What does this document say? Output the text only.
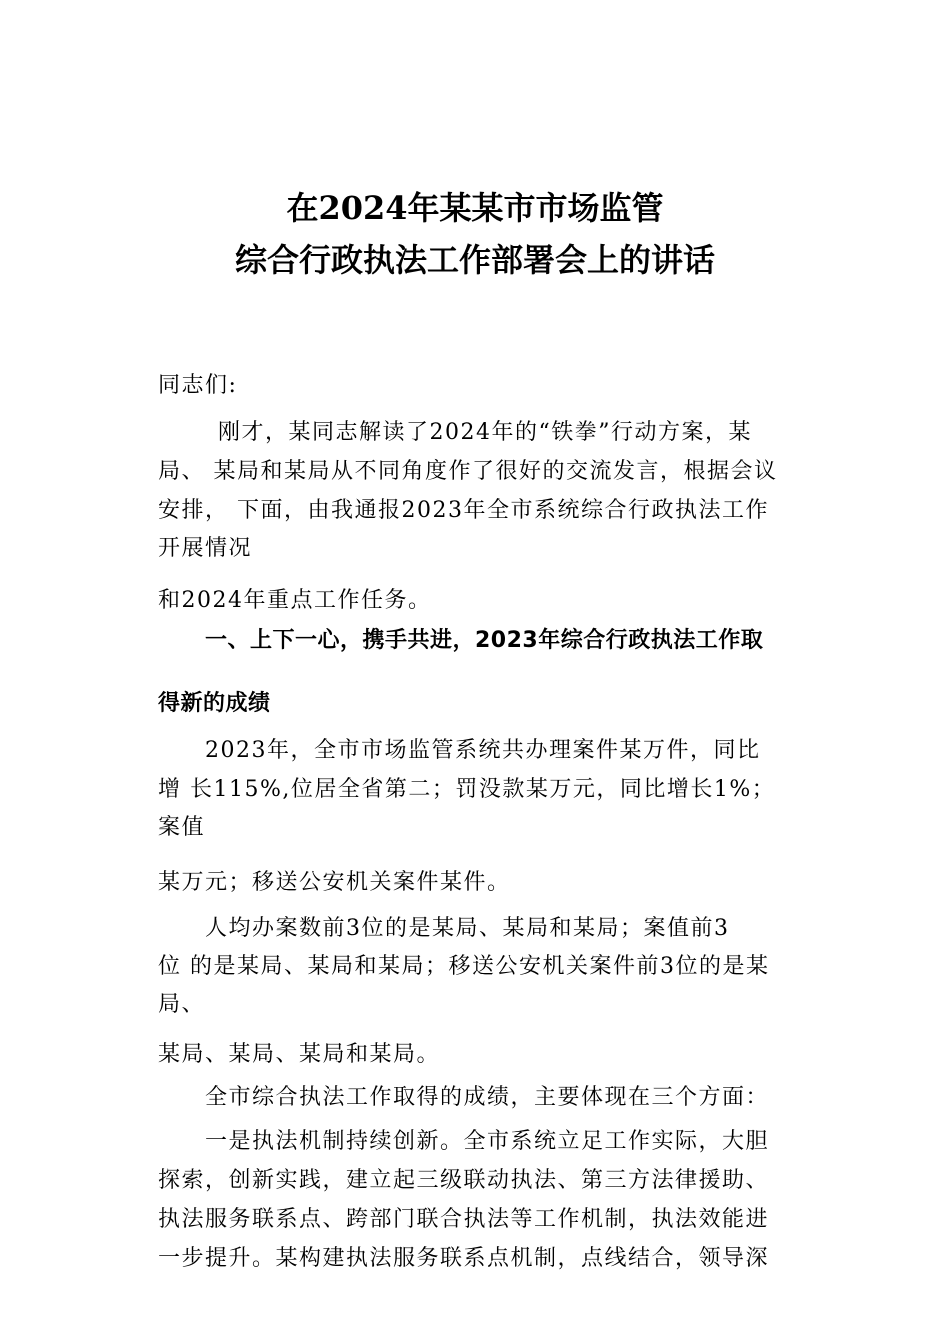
在2024年某某市市场监管
综合行政执法工作部署会上的讲话

同志们:

刚才，某同志解读了2024年的“铁拳”行动方案，某

局、 某局和某局从不同角度作了很好的交流发言，根据会议

安排， 下面，由我通报2023年全市系统综合行政执法工作

开展情况

和2024年重点工作任务。

一、上下一心，携手共进，2023年综合行政执法工作取

得新的成绩

2023年，全市市场监管系统共办理案件某万件，同比

增 长115%,位居全省第二；罚没款某万元，同比增长1%；

案值

某万元；移送公安机关案件某件。

人均办案数前3位的是某局、某局和某局；案值前3

位 的是某局、某局和某局；移送公安机关案件前3位的是某

局、

某局、某局、某局和某局。

全市综合执法工作取得的成绩，主要体现在三个方面：

一是执法机制持续创新。全市系统立足工作实际，大胆

探索，创新实践，建立起三级联动执法、第三方法律援助、

执法服务联系点、跨部门联合执法等工作机制，执法效能进

一步提升。某构建执法服务联系点机制，点线结合，领导深
